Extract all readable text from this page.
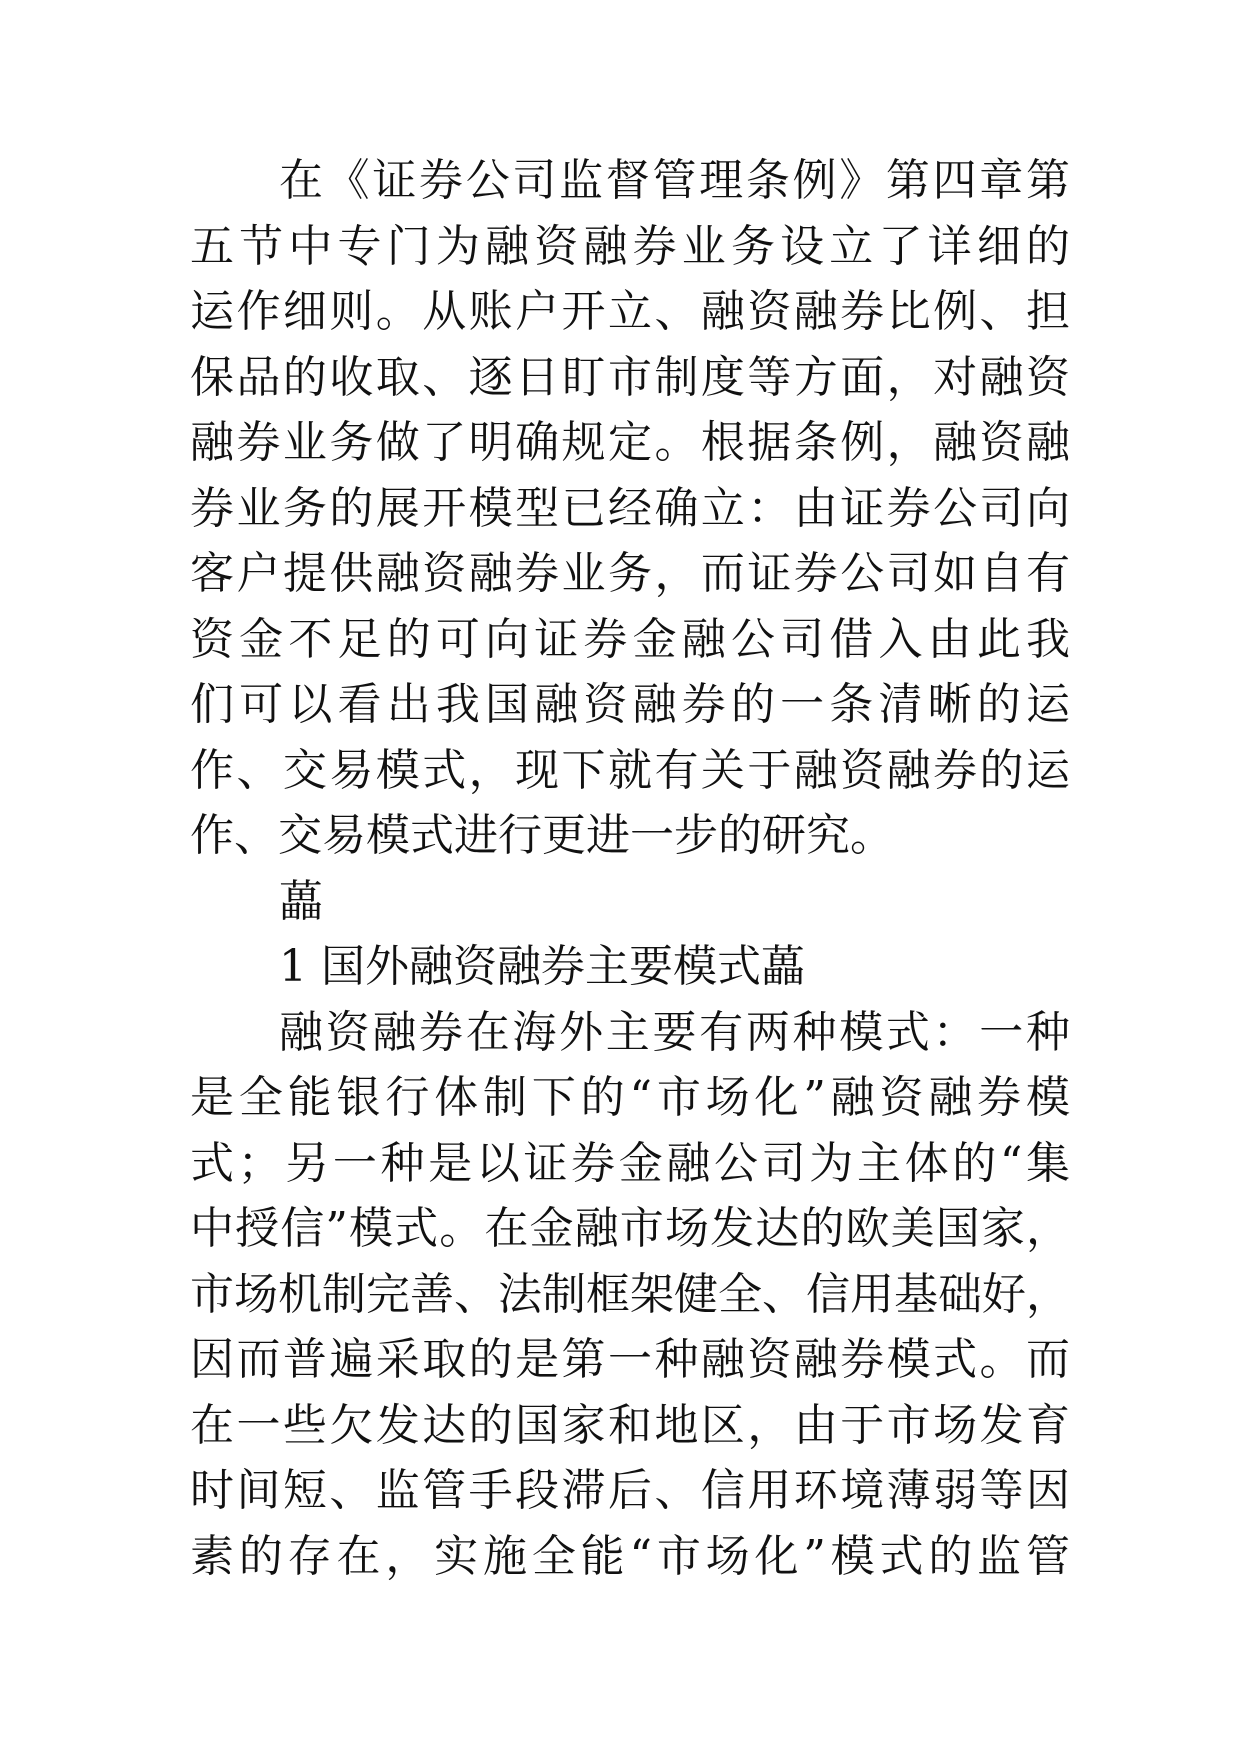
在《证券公司监督管理条例》第四章第
五节中专门为融资融券业务设立了详细的
运作细则。从账户开立、融资融券比例、担
保品的收取、逐日盯市制度等方面，对融资
融券业务做了明确规定。根据条例，融资融
券业务的展开模型已经确立：由证券公司向
客户提供融资融券业务，而证券公司如自有
资金不足的可向证券金融公司借入由此我
们可以看出我国融资融券的一条清晰的运
作、交易模式，现下就有关于融资融券的运
作、交易模式进行更进一步的研究。
藟
1 国外融资融券主要模式藟
融资融券在海外主要有两种模式：一种
是全能银行体制下的“市场化”融资融券模
式；另一种是以证券金融公司为主体的“集
中授信”模式。在金融市场发达的欧美国家，
市场机制完善、法制框架健全、信用基础好，
因而普遍采取的是第一种融资融券模式。而
在一些欠发达的国家和地区，由于市场发育
时间短、监管手段滞后、信用环境薄弱等因
素的存在，实施全能“市场化”模式的监管
